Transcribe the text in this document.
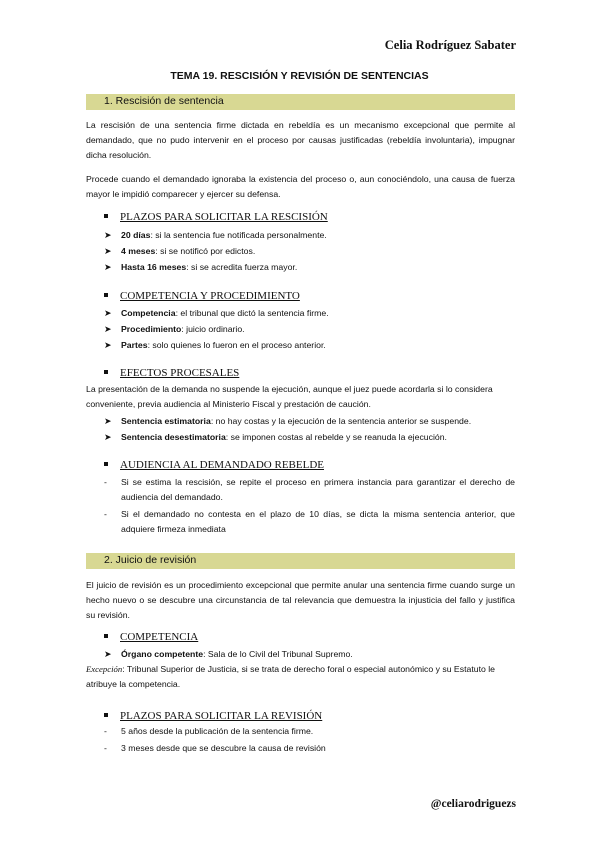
Celia Rodríguez Sabater
TEMA 19. RESCISIÓN Y REVISIÓN DE SENTENCIAS
1. Rescisión de sentencia
La rescisión de una sentencia firme dictada en rebeldía es un mecanismo excepcional que permite al demandado, que no pudo intervenir en el proceso por causas justificadas (rebeldía involuntaria), impugnar dicha resolución.
Procede cuando el demandado ignoraba la existencia del proceso o, aun conociéndolo, una causa de fuerza mayor le impidió comparecer y ejercer su defensa.
PLAZOS PARA SOLICITAR LA RESCISIÓN
➤ 20 días: si la sentencia fue notificada personalmente.
➤ 4 meses: si se notificó por edictos.
➤ Hasta 16 meses: si se acredita fuerza mayor.
COMPETENCIA Y PROCEDIMIENTO
➤ Competencia: el tribunal que dictó la sentencia firme.
➤ Procedimiento: juicio ordinario.
➤ Partes: solo quienes lo fueron en el proceso anterior.
EFECTOS PROCESALES
La presentación de la demanda no suspende la ejecución, aunque el juez puede acordarla si lo considera conveniente, previa audiencia al Ministerio Fiscal y prestación de caución.
➤ Sentencia estimatoria: no hay costas y la ejecución de la sentencia anterior se suspende.
➤ Sentencia desestimatoria: se imponen costas al rebelde y se reanuda la ejecución.
AUDIENCIA AL DEMANDADO REBELDE
- Si se estima la rescisión, se repite el proceso en primera instancia para garantizar el derecho de audiencia del demandado.
- Si el demandado no contesta en el plazo de 10 días, se dicta la misma sentencia anterior, que adquiere firmeza inmediata
2. Juicio de revisión
El juicio de revisión es un procedimiento excepcional que permite anular una sentencia firme cuando surge un hecho nuevo o se descubre una circunstancia de tal relevancia que demuestra la injusticia del fallo y justifica su revisión.
COMPETENCIA
➤ Órgano competente: Sala de lo Civil del Tribunal Supremo.
Excepción: Tribunal Superior de Justicia, si se trata de derecho foral o especial autonómico y su Estatuto le atribuye la competencia.
PLAZOS PARA SOLICITAR LA REVISIÓN
- 5 años desde la publicación de la sentencia firme.
- 3 meses desde que se descubre la causa de revisión
@celiarodriguezs
